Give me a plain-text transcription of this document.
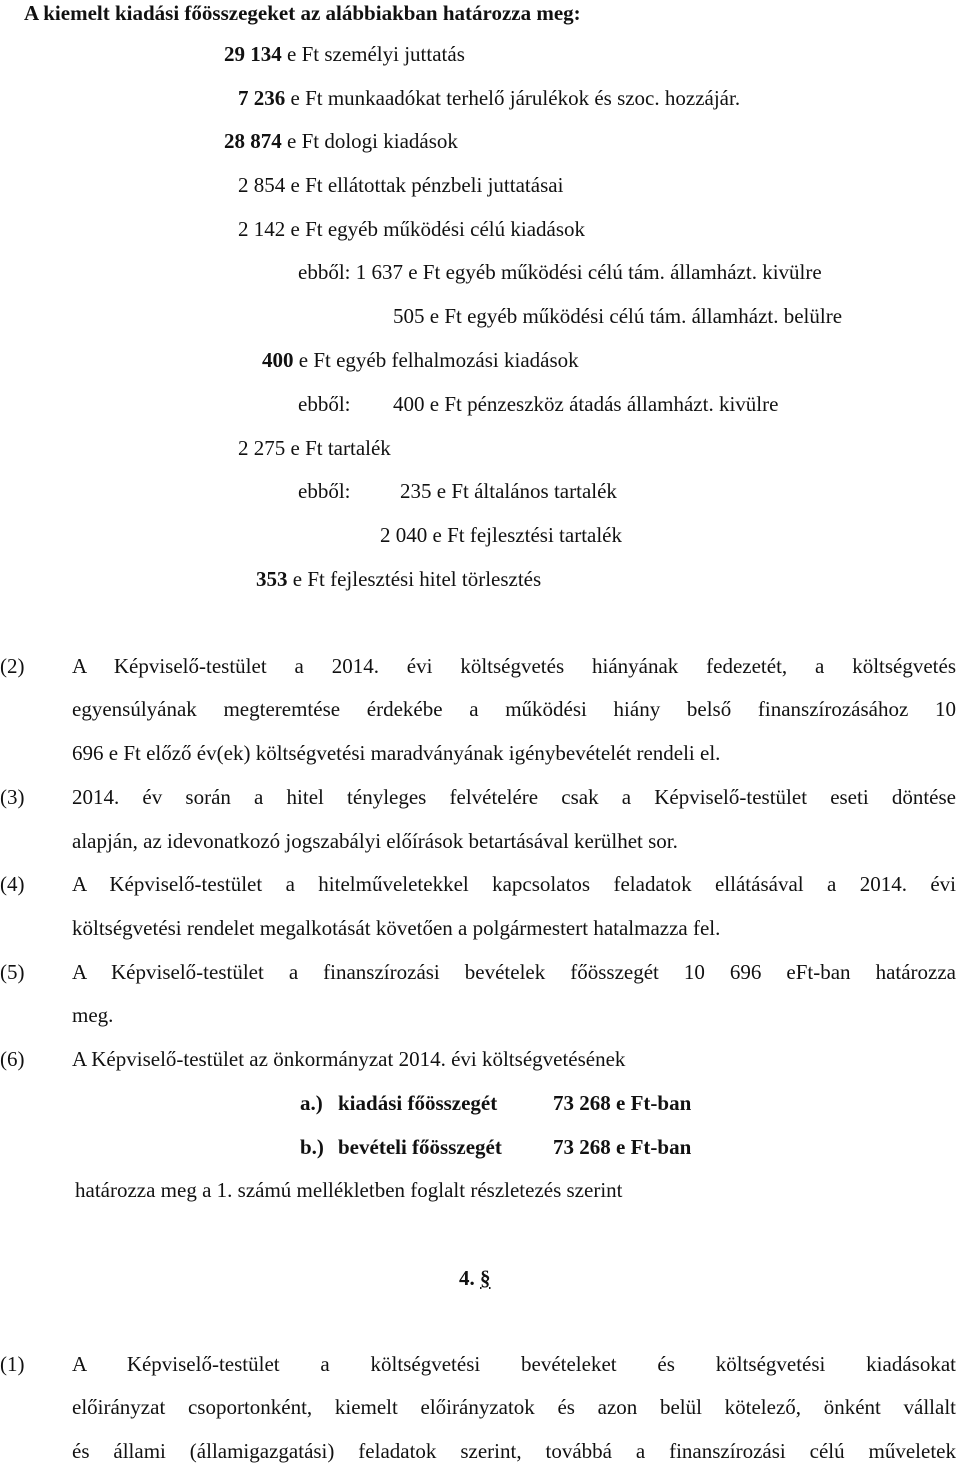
A kiemelt kiadási főösszegeket az alábbiakban határozza meg:
29 134 e Ft személyi juttatás
7 236 e Ft munkaadókat terhelő járulékok és szoc. hozzájár.
28 874 e Ft dologi kiadások
2 854 e Ft ellátottak pénzbeli juttatásai
2 142 e Ft egyéb működési célú kiadások
ebből: 1 637 e Ft egyéb működési célú tám. államházt. kivülre
505 e Ft egyéb működési célú tám. államházt. belülre
400 e Ft egyéb felhalmozási kiadások
ebből: 400 e Ft pénzeszköz átadás államházt. kivülre
2 275 e Ft tartalék
ebből: 235 e Ft általános tartalék
2 040 e Ft fejlesztési tartalék
353 e Ft fejlesztési hitel törlesztés
(2) A Képviselő-testület a 2014. évi költségvetés hiányának fedezetét, a költségvetés
egyensúlyának megteremtése érdekébe a működési hiány belső finanszírozásához 10
696 e Ft előző év(ek) költségvetési maradványának igénybevételét rendeli el.
(3) 2014. év során a hitel tényleges felvételére csak a Képviselő-testület eseti döntése
alapján, az idevonatkozó jogszabályi előírások betartásával kerülhet sor.
(4) A Képviselő-testület a hitelműveletekkel kapcsolatos feladatok ellátásával a 2014. évi
költségvetési rendelet megalkotását követően a polgármestert hatalmazza fel.
(5) A Képviselő-testület a finanszírozási bevételek főösszegét 10 696 eFt-ban határozza
meg.
(6) A Képviselő-testület az önkormányzat 2014. évi költségvetésének
a.) kiadási főösszegét	73 268 e Ft-ban
b.) bevételi főösszegét 73 268 e Ft-ban
határozza meg a 1. számú mellékletben foglalt részletezés szerint
4. §
(1) A Képviselő-testület a költségvetési bevételeket és költségvetési kiadásokat
előirányzat csoportonként, kiemelt előirányzatok és azon belül kötelező, önként vállalt
és állami (államigazgatási) feladatok szerint, továbbá a finanszírozási célú műveletek
